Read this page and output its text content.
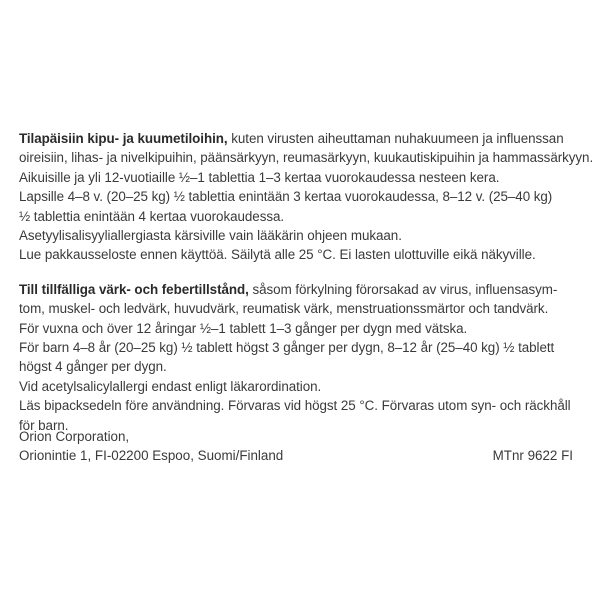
Tilapäisiin kipu- ja kuumetiloihin, kuten virusten aiheuttaman nuhakuumeen ja influenssan

oireisiin, lihas- ja nivelkipuihin, päänsärkyyn, reumasärkyyn, kuukautiskipuihin ja hammassärkyyn.

Aikuisille ja yli 12-vuotiaille ½–1 tablettia 1–3 kertaa vuorokaudessa nesteen kera.

Lapsille 4–8 v. (20–25 kg) ½ tablettia enintään 3 kertaa vuorokaudessa, 8–12 v. (25–40 kg)

½ tablettia enintään 4 kertaa vuorokaudessa.

Asetyylisalisyyliallergiasta kärsiville vain lääkärin ohjeen mukaan.

Lue pakkausseloste ennen käyttöä. Säilytä alle 25 °C. Ei lasten ulottuville eikä näkyville.

Till tillfälliga värk- och febertillstånd, såsom förkylning förorsakad av virus, influensasym-

tom, muskel- och ledvärk, huvudvärk, reumatisk värk, menstruationssmärtor och tandvärk.

För vuxna och över 12 åringar ½–1 tablett 1–3 gånger per dygn med vätska.

För barn 4–8 år (20–25 kg) ½ tablett högst 3 gånger per dygn, 8–12 år (25–40 kg) ½ tablett

högst 4 gånger per dygn.

Vid acetylsalicylallergi endast enligt läkarordination.

Läs bipacksedeln före användning. Förvaras vid högst 25 °C. Förvaras utom syn- och räckhåll

för barn.

Orion Corporation,

Orionintie 1, FI-02200 Espoo, Suomi/Finland	MTnr 9622 FI
